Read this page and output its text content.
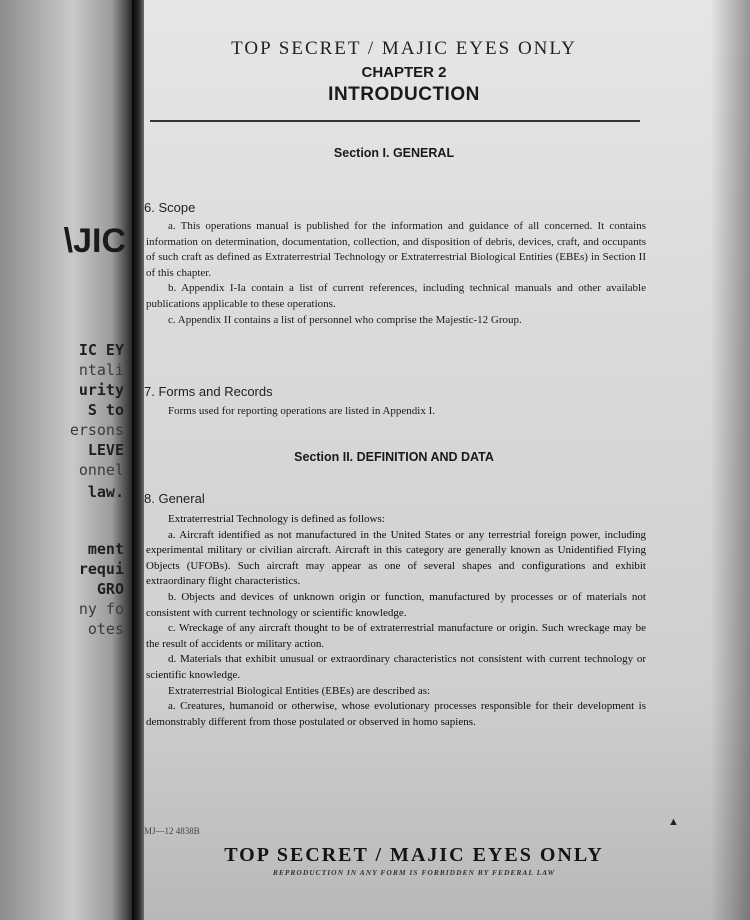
\JIC
IC EY
ntali
urity
S to
ersons
LEVE
onnel
law.
ment
requi
GRO
ny fo
otes
TOP SECRET / MAJIC EYES ONLY
CHAPTER 2
INTRODUCTION
Section I. GENERAL
6. Scope

a. This operations manual is published for the information and guidance of all concerned. It contains information on determination, documentation, collection, and disposition of debris, devices, craft, and occupants of such craft as defined as Extraterrestrial Technology or Extraterrestrial Biological Entities (EBEs) in Section II of this chapter.

b. Appendix I-Ia contain a list of current references, including technical manuals and other available publications applicable to these operations.

c. Appendix II contains a list of personnel who comprise the Majestic-12 Group.

7. Forms and Records

Forms used for reporting operations are listed in Appendix I.

Section II. DEFINITION AND DATA
8. General

Extraterrestrial Technology is defined as follows:

a. Aircraft identified as not manufactured in the United States or any terrestrial foreign power, including experimental military or civilian aircraft. Aircraft in this category are generally known as Unidentified Flying Objects (UFOBs). Such aircraft may appear as one of several shapes and configurations and exhibit extraordinary flight characteristics.

b. Objects and devices of unknown origin or function, manufactured by processes or of materials not consistent with current technology or scientific knowledge.

c. Wreckage of any aircraft thought to be of extraterrestrial manufacture or origin. Such wreckage may be the result of accidents or military action.

d. Materials that exhibit unusual or extraordinary characteristics not consistent with current technology or scientific knowledge.

Extraterrestrial Biological Entities (EBEs) are described as:

a. Creatures, humanoid or otherwise, whose evolutionary processes responsible for their development is demonstrably different from those postulated or observed in homo sapiens.

MJ—12 4838B
▲
TOP SECRET / MAJIC EYES ONLY
REPRODUCTION IN ANY FORM IS FORBIDDEN BY FEDERAL LAW
